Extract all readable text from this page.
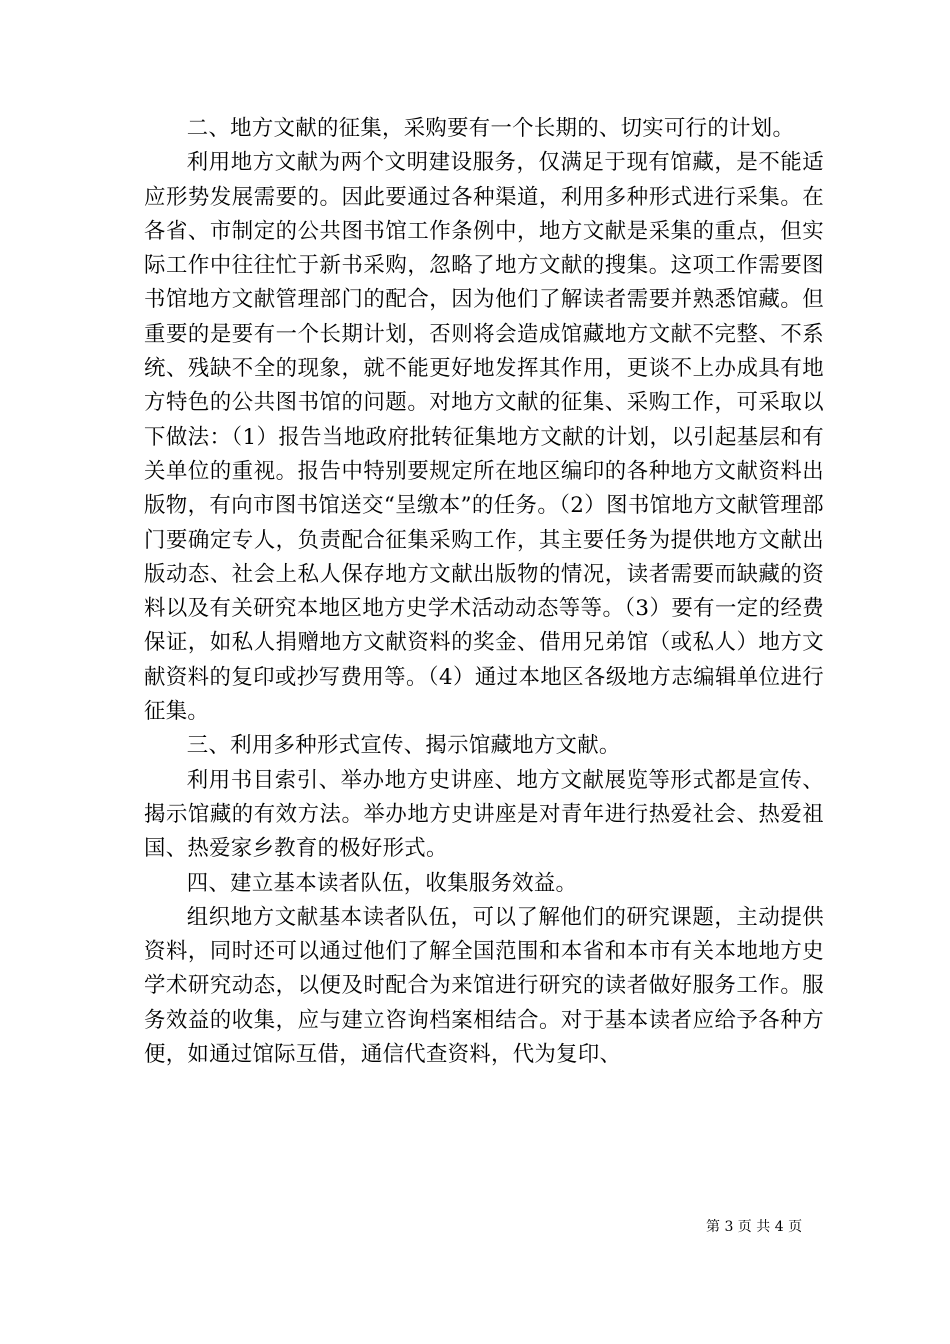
二、地方文献的征集，采购要有一个长期的、切实可行的计划。

利用地方文献为两个文明建设服务，仅满足于现有馆藏，是不能适应形势发展需要的。因此要通过各种渠道，利用多种形式进行采集。在各省、市制定的公共图书馆工作条例中，地方文献是采集的重点，但实际工作中往往忙于新书采购，忽略了地方文献的搜集。这项工作需要图书馆地方文献管理部门的配合，因为他们了解读者需要并熟悉馆藏。但重要的是要有一个长期计划，否则将会造成馆藏地方文献不完整、不系统、残缺不全的现象，就不能更好地发挥其作用，更谈不上办成具有地方特色的公共图书馆的问题。对地方文献的征集、采购工作，可采取以下做法：（1）报告当地政府批转征集地方文献的计划，以引起基层和有关单位的重视。报告中特别要规定所在地区编印的各种地方文献资料出版物，有向市图书馆送交“呈缴本”的任务。（2）图书馆地方文献管理部门要确定专人，负责配合征集采购工作，其主要任务为提供地方文献出版动态、社会上私人保存地方文献出版物的情况，读者需要而缺藏的资料以及有关研究本地区地方史学术活动动态等等。（3）要有一定的经费保证，如私人捐赠地方文献资料的奖金、借用兄弟馆（或私人）地方文献资料的复印或抄写费用等。（4）通过本地区各级地方志编辑单位进行征集。

三、利用多种形式宣传、揭示馆藏地方文献。

利用书目索引、举办地方史讲座、地方文献展览等形式都是宣传、揭示馆藏的有效方法。举办地方史讲座是对青年进行热爱社会、热爱祖国、热爱家乡教育的极好形式。

四、建立基本读者队伍，收集服务效益。

组织地方文献基本读者队伍，可以了解他们的研究课题，主动提供资料，同时还可以通过他们了解全国范围和本省和本市有关本地地方史学术研究动态，以便及时配合为来馆进行研究的读者做好服务工作。服务效益的收集，应与建立咨询档案相结合。对于基本读者应给予各种方便，如通过馆际互借，通信代查资料，代为复印、

第 3 页 共 4 页
